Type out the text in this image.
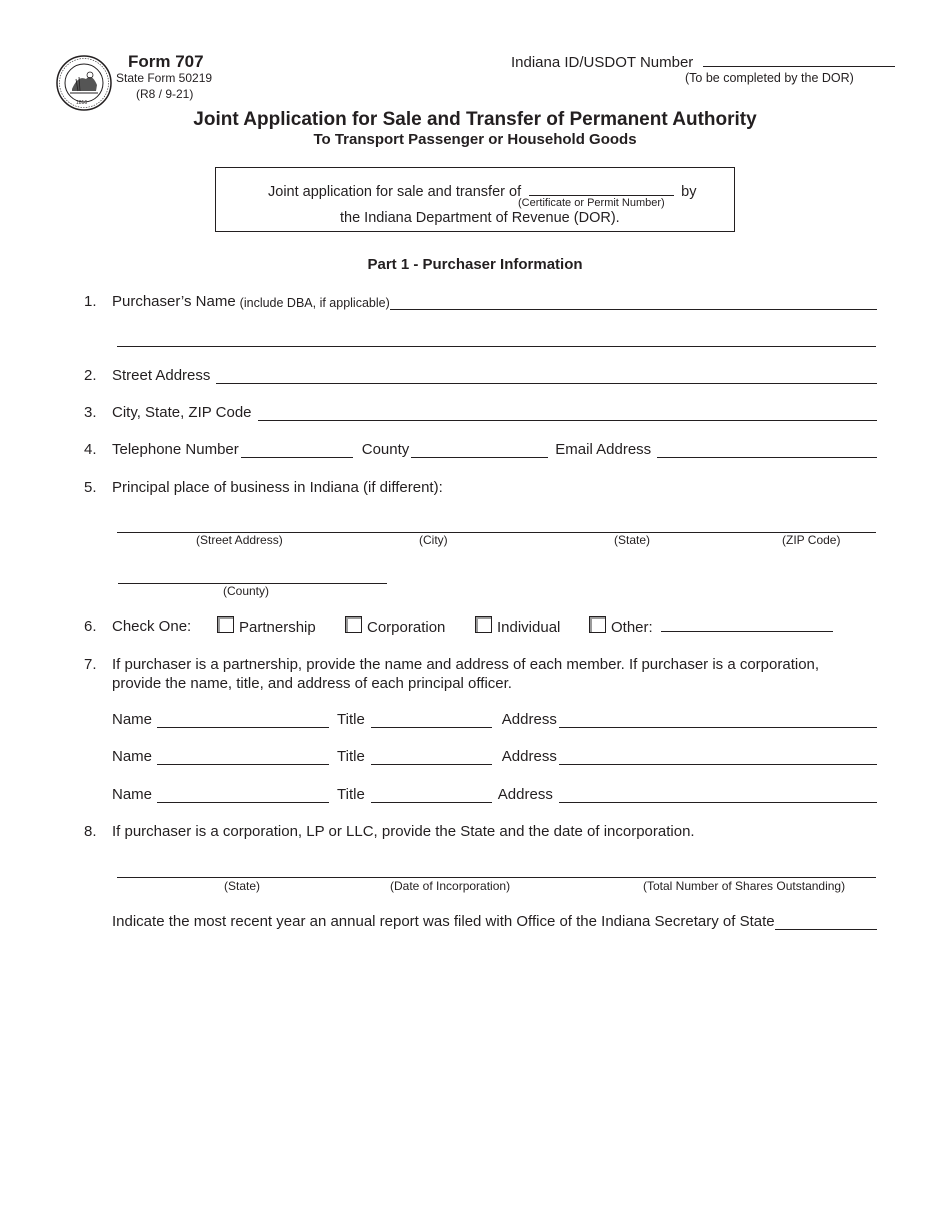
1816
Form 707
State Form 50219
(R8 / 9-21)
Indiana ID/USDOT Number
(To be completed by the DOR)
Joint Application for Sale and Transfer of Permanent Authority
To Transport Passenger or Household Goods
Joint application for sale and transfer of	by
(Certificate or Permit Number)
the Indiana Department of Revenue (DOR).
Part 1 - Purchaser Information
1. Purchaser’s Name (include DBA, if applicable)
2. Street Address
3. City, State, ZIP Code
4. Telephone Number	County	Email Address
5. Principal place of business in Indiana (if different):
(Street Address)	(City)	(State)	(ZIP Code)
(County)
6. Check One:	Partnership	Corporation	Individual	Other:
7. If purchaser is a partnership, provide the name and address of each member. If purchaser is a corporation,
provide the name, title, and address of each principal officer.
Name	Title	Address
Name	Title	Address
Name	Title	Address
8. If purchaser is a corporation, LP or LLC, provide the State and the date of incorporation.
(State)	(Date of Incorporation)	(Total Number of Shares Outstanding)
Indicate the most recent year an annual report was filed with Office of the Indiana Secretary of State
